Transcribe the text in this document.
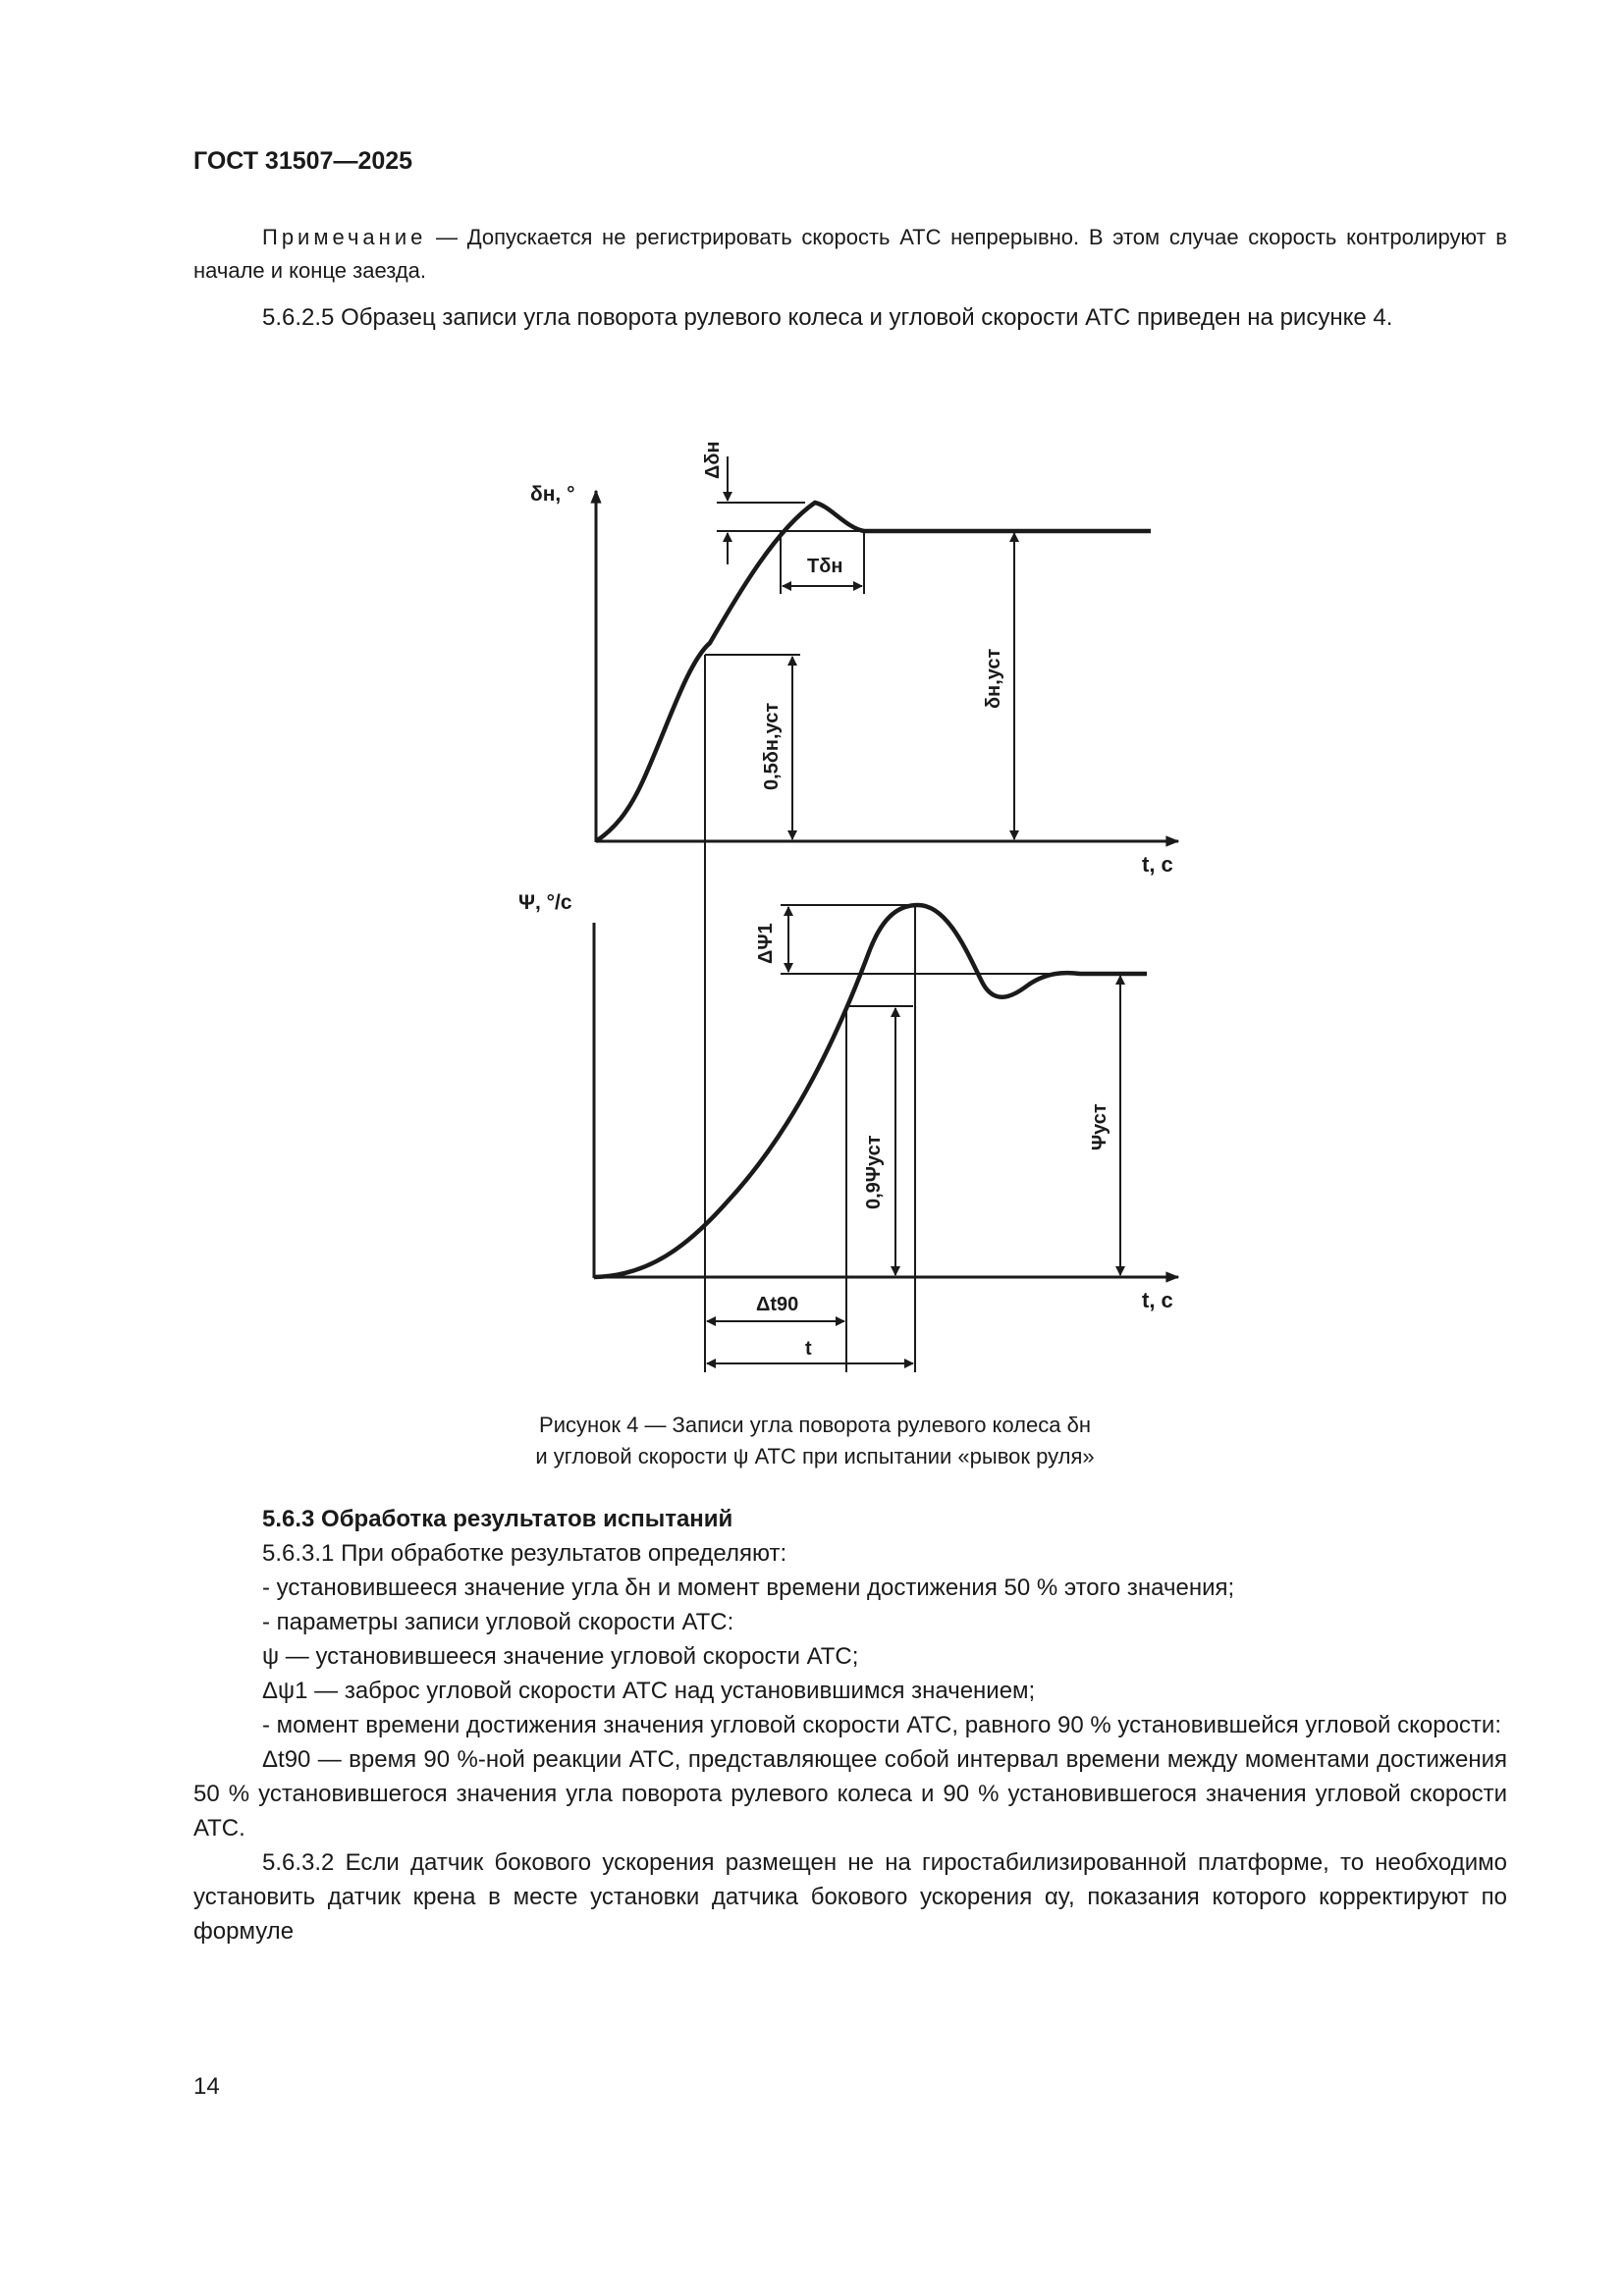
ГОСТ 31507—2025
Примечание — Допускается не регистрировать скорость АТС непрерывно. В этом случае скорость контролируют в начале и конце заезда.
5.6.2.5 Образец записи угла поворота рулевого колеса и угловой скорости АТС приведен на рисунке 4.
δн, °
t, c
Ψ, °/c
t, c
Δδн
Tδн
0,5δн,уст
δн,уст
ΔΨ1
0,9Ψуст
Ψуст
Δt90
t
Рисунок 4 — Записи угла поворота рулевого колеса δн
и угловой скорости ψ АТС при испытании «рывок руля»
5.6.3 Обработка результатов испытаний
5.6.3.1 При обработке результатов определяют:
- установившееся значение угла δн и момент времени достижения 50 % этого значения;
- параметры записи угловой скорости АТС:
ψ — установившееся значение угловой скорости АТС;
Δψ1 — заброс угловой скорости АТС над установившимся значением;
- момент времени достижения значения угловой скорости АТС, равного 90 % установившейся угловой скорости:
Δt90 — время 90 %-ной реакции АТС, представляющее собой интервал времени между моментами достижения 50 % установившегося значения угла поворота рулевого колеса и 90 % установившегося значения угловой скорости АТС.
5.6.3.2 Если датчик бокового ускорения размещен не на гиростабилизированной платформе, то необходимо установить датчик крена в месте установки датчика бокового ускорения αy, показания которого корректируют по формуле
14
